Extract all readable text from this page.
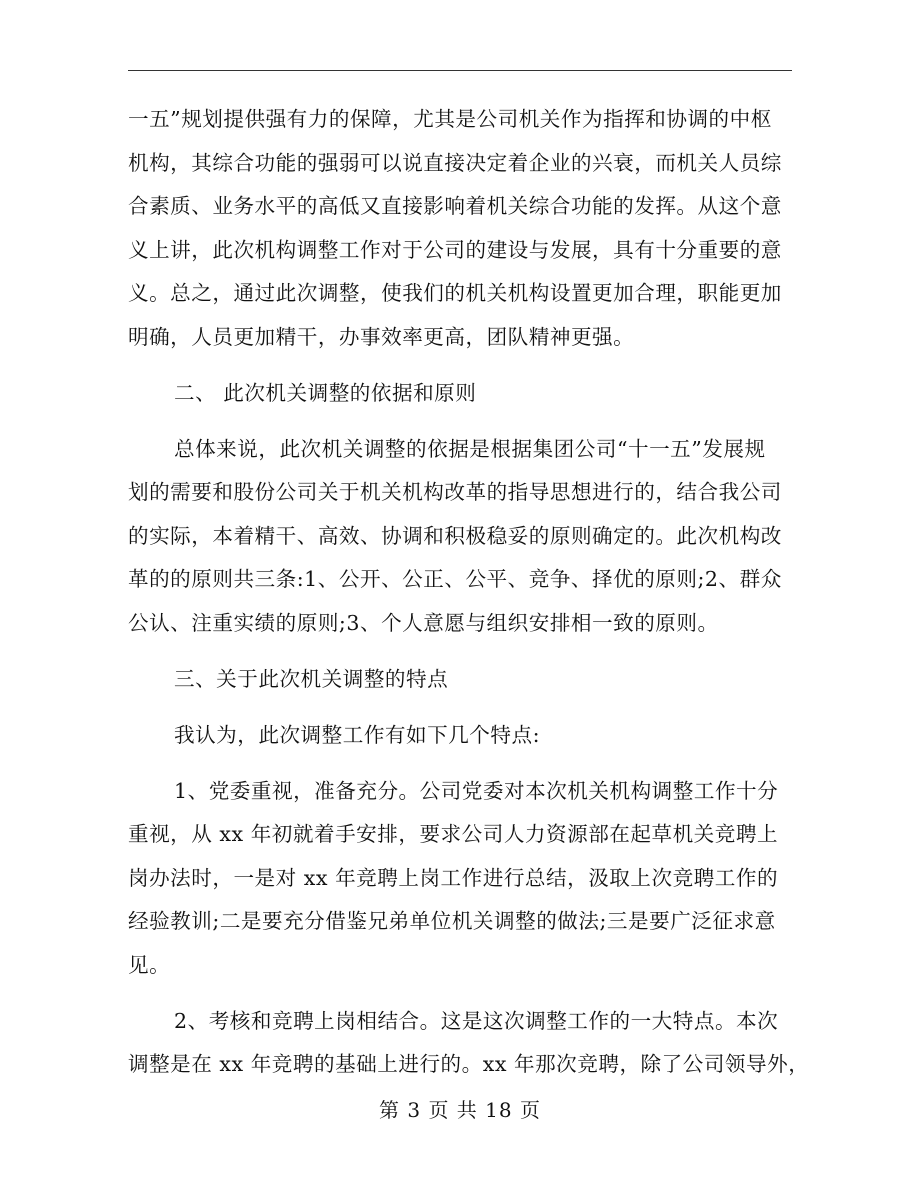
一五”规划提供强有力的保障，尤其是公司机关作为指挥和协调的中枢
机构，其综合功能的强弱可以说直接决定着企业的兴衰，而机关人员综
合素质、业务水平的高低又直接影响着机关综合功能的发挥。从这个意
义上讲，此次机构调整工作对于公司的建设与发展，具有十分重要的意
义。总之，通过此次调整，使我们的机关机构设置更加合理，职能更加
明确，人员更加精干，办事效率更高，团队精神更强。

二、 此次机关调整的依据和原则

总体来说，此次机关调整的依据是根据集团公司“十一五”发展规
划的需要和股份公司关于机关机构改革的指导思想进行的，结合我公司
的实际，本着精干、高效、协调和积极稳妥的原则确定的。此次机构改
革的的原则共三条:1、公开、公正、公平、竞争、择优的原则;2、群众
公认、注重实绩的原则;3、个人意愿与组织安排相一致的原则。

三、关于此次机关调整的特点

我认为，此次调整工作有如下几个特点:

1、党委重视，准备充分。公司党委对本次机关机构调整工作十分
重视，从 xx 年初就着手安排，要求公司人力资源部在起草机关竞聘上
岗办法时，一是对 xx 年竞聘上岗工作进行总结，汲取上次竞聘工作的
经验教训;二是要充分借鉴兄弟单位机关调整的做法;三是要广泛征求意
见。

2、考核和竞聘上岗相结合。这是这次调整工作的一大特点。本次
调整是在 xx 年竞聘的基础上进行的。xx 年那次竞聘，除了公司领导外，

第 3 页 共 18 页
